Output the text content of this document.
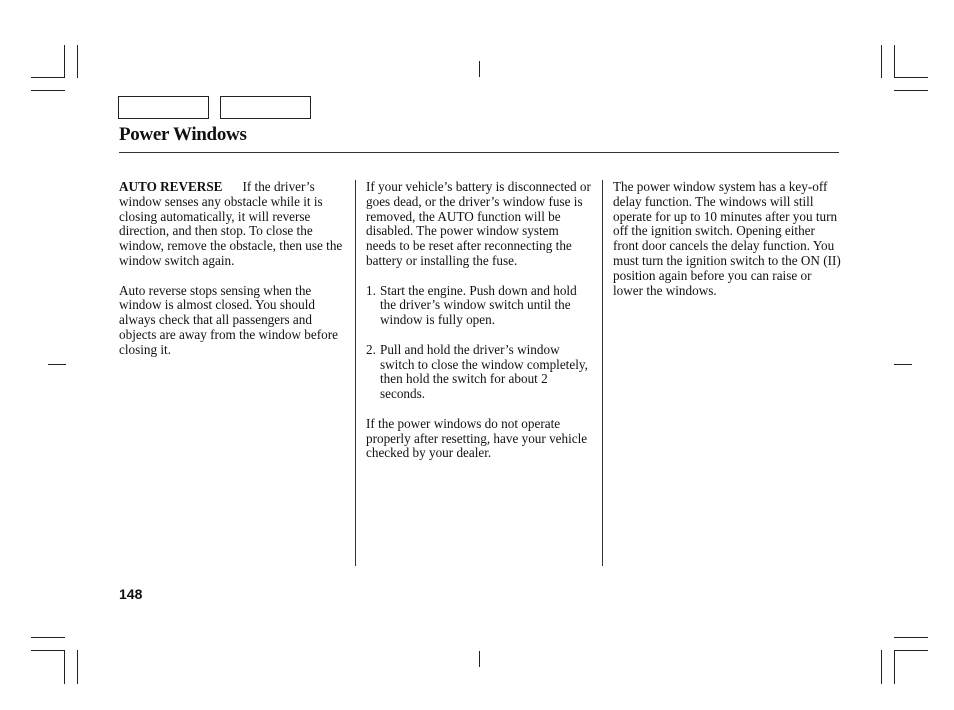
Power Windows

AUTO REVERSE If the driver’s window senses any obstacle while it is closing automatically, it will reverse direction, and then stop. To close the window, remove the obstacle, then use the window switch again.

Auto reverse stops sensing when the window is almost closed. You should always check that all passengers and objects are away from the window before closing it.

If your vehicle’s battery is disconnected or goes dead, or the driver’s window fuse is removed, the AUTO function will be disabled. The power window system needs to be reset after reconnecting the battery or installing the fuse.

1. Start the engine. Push down and hold the driver’s window switch until the window is fully open.
2. Pull and hold the driver’s window switch to close the window completely, then hold the switch for about 2 seconds.

If the power windows do not operate properly after resetting, have your vehicle checked by your dealer.

The power window system has a key-off delay function. The windows will still operate for up to 10 minutes after you turn off the ignition switch. Opening either front door cancels the delay function. You must turn the ignition switch to the ON (II) position again before you can raise or lower the windows.

148
